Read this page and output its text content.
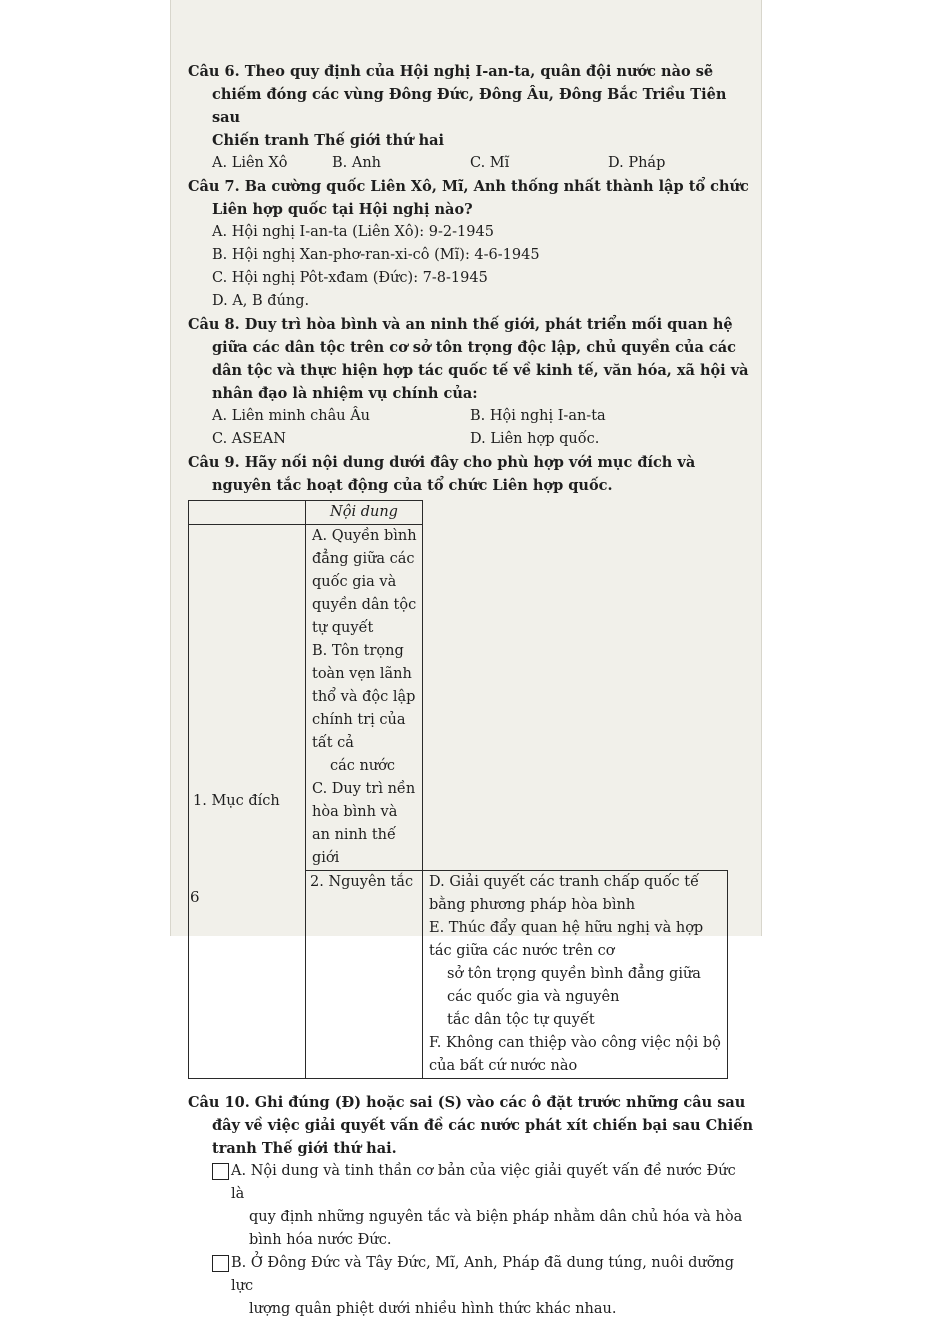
Câu 6. Theo quy định của Hội nghị I-an-ta, quân đội nước nào sẽ
chiếm đóng các vùng Đông Đức, Đông Âu, Đông Bắc Triều Tiên sau
Chiến tranh Thế giới thứ hai
A. Liên Xô	B. Anh	C. Mĩ	D. Pháp
Câu 7. Ba cường quốc Liên Xô, Mĩ, Anh thống nhất thành lập tổ chức
Liên hợp quốc tại Hội nghị nào?
A. Hội nghị I-an-ta (Liên Xô): 9-2-1945
B. Hội nghị Xan-phơ-ran-xi-cô (Mĩ): 4-6-1945
C. Hội nghị Pôt-xđam (Đức): 7-8-1945
D. A, B đúng.
Câu 8. Duy trì hòa bình và an ninh thế giới, phát triển mối quan hệ
giữa các dân tộc trên cơ sở tôn trọng độc lập, chủ quyền của các
dân tộc và thực hiện hợp tác quốc tế về kinh tế, văn hóa, xã hội và
nhân đạo là nhiệm vụ chính của:
A. Liên minh châu Âu	B. Hội nghị I-an-ta
C. ASEAN	D. Liên hợp quốc.
Câu 9. Hãy nối nội dung dưới đây cho phù hợp với mục đích và
nguyên tắc hoạt động của tổ chức Liên hợp quốc.
	Nội dung	
1. Mục đích	A. Quyền bình đẳng giữa các quốc gia và quyền dân tộc tự quyết
B. Tôn trọng toàn vẹn lãnh thổ và độc lập chính trị của tất cả
các nước
C. Duy trì nền hòa bình và an ninh thế giới	

	2. Nguyên tắc	D. Giải quyết các tranh chấp quốc tế bằng phương pháp hòa bình
E. Thúc đẩy quan hệ hữu nghị và hợp tác giữa các nước trên cơ
sở tôn trọng quyền bình đẳng giữa các quốc gia và nguyên
tắc dân tộc tự quyết
F. Không can thiệp vào công việc nội bộ của bất cứ nước nào
Câu 10. Ghi đúng (Đ) hoặc sai (S) vào các ô đặt trước những câu sau
đây về việc giải quyết vấn đề các nước phát xít chiến bại sau Chiến
tranh Thế giới thứ hai.
A. Nội dung và tinh thần cơ bản của việc giải quyết vấn đề nước Đức là
quy định những nguyên tắc và biện pháp nhằm dân chủ hóa và hòa
bình hóa nước Đức.
B. Ở Đông Đức và Tây Đức, Mĩ, Anh, Pháp đã dung túng, nuôi dưỡng lực
lượng quân phiệt dưới nhiều hình thức khác nhau.
6
